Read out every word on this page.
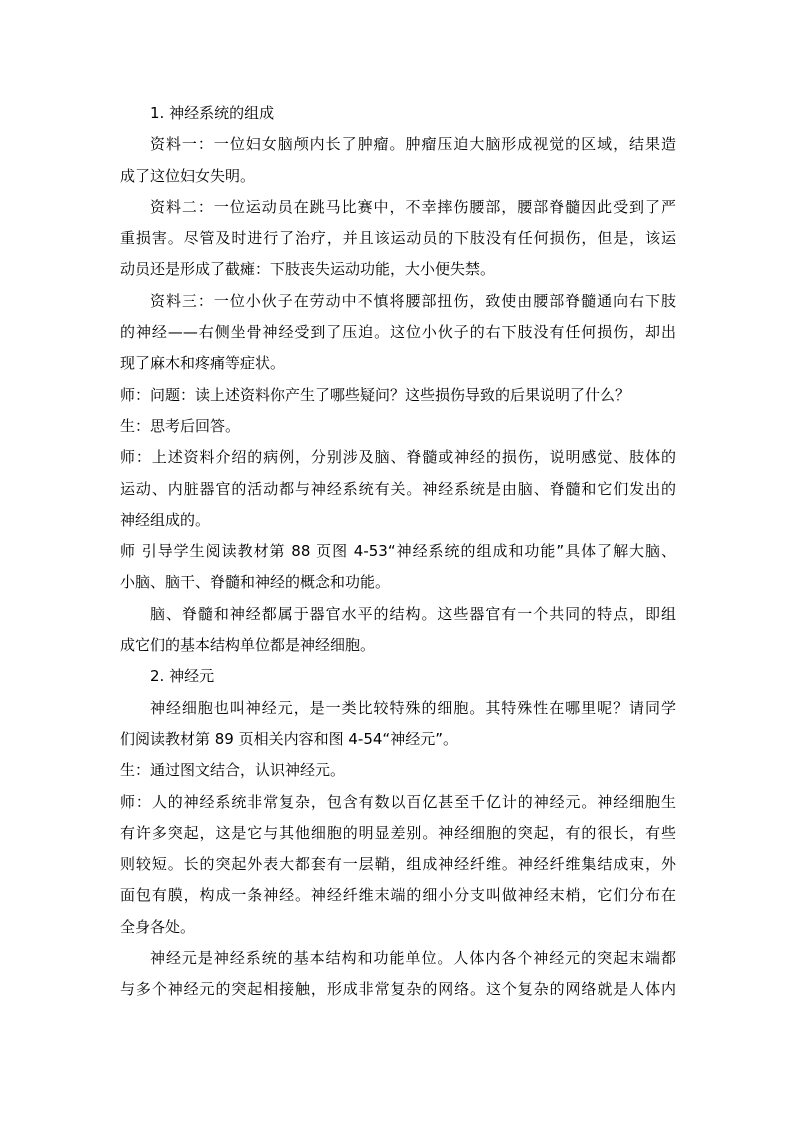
1. 神经系统的组成
资料一：一位妇女脑颅内长了肿瘤。肿瘤压迫大脑形成视觉的区域，结果造
成了这位妇女失明。
资料二：一位运动员在跳马比赛中，不幸摔伤腰部，腰部脊髓因此受到了严
重损害。尽管及时进行了治疗，并且该运动员的下肢没有任何损伤，但是，该运
动员还是形成了截瘫：下肢丧失运动功能，大小便失禁。
资料三：一位小伙子在劳动中不慎将腰部扭伤，致使由腰部脊髓通向右下肢
的神经——右侧坐骨神经受到了压迫。这位小伙子的右下肢没有任何损伤，却出
现了麻木和疼痛等症状。
师：问题：读上述资料你产生了哪些疑问？这些损伤导致的后果说明了什么？
生：思考后回答。
师：上述资料介绍的病例，分别涉及脑、脊髓或神经的损伤，说明感觉、肢体的
运动、内脏器官的活动都与神经系统有关。神经系统是由脑、脊髓和它们发出的
神经组成的。
师 引导学生阅读教材第 88 页图 4-53“神经系统的组成和功能”具体了解大脑、
小脑、脑干、脊髓和神经的概念和功能。
脑、脊髓和神经都属于器官水平的结构。这些器官有一个共同的特点，即组
成它们的基本结构单位都是神经细胞。
2. 神经元
神经细胞也叫神经元，是一类比较特殊的细胞。其特殊性在哪里呢？请同学
们阅读教材第 89 页相关内容和图 4-54“神经元”。
生：通过图文结合，认识神经元。
师：人的神经系统非常复杂，包含有数以百亿甚至千亿计的神经元。神经细胞生
有许多突起，这是它与其他细胞的明显差别。神经细胞的突起，有的很长，有些
则较短。长的突起外表大都套有一层鞘，组成神经纤维。神经纤维集结成束，外
面包有膜，构成一条神经。神经纤维末端的细小分支叫做神经末梢，它们分布在
全身各处。
神经元是神经系统的基本结构和功能单位。人体内各个神经元的突起末端都
与多个神经元的突起相接触，形成非常复杂的网络。这个复杂的网络就是人体内
